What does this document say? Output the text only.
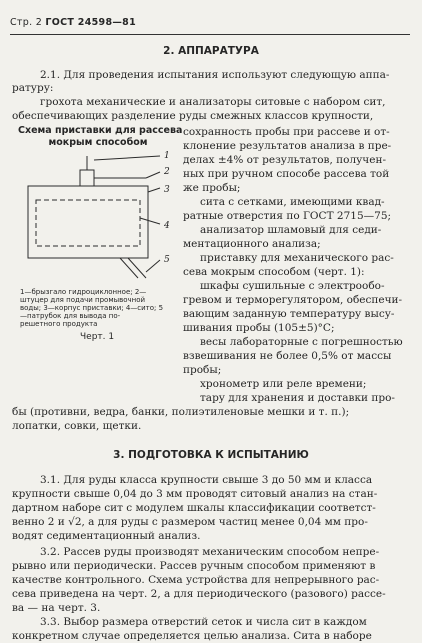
Стр. 2 ГОСТ 24598—81
2. АППАРАТУРА
2.1. Для проведения испытания используют следующую аппа-
ратуру:
грохота механические и анализаторы ситовые с набором сит,
обеспечивающих разделение руды смежных классов крупности,
Схема приставки для рассева
мокрым способом
1
2
3
4
5
1—брызгало гидроциклонное; 2—
штуцер для подачи промывочной
воды; 3—корпус приставки; 4—сито; 5—патрубок для вывода по-
решетного продукта
Черт. 1
сохранность пробы при рассеве и от-
клонение результатов анализа в пре-
делах ±4% от результатов, получен-
ных при ручном способе рассева той
же пробы;
сита с сетками, имеющими квад-
ратные отверстия по ГОСТ 2715—75;
анализатор шламовый для седи-
ментационного анализа;
приставку для механического рас-
сева мокрым способом (черт. 1):
шкафы сушильные с электрообо-
гревом и терморегулятором, обеспечи-
вающим заданную температуру высу-
шивания пробы (105±5)°С;
весы лабораторные с погрешностью
взвешивания не более 0,5% от массы
пробы;
хронометр или реле времени;
тару для хранения и доставки про-
бы (противни, ведра, банки, полиэтиленовые мешки и т. п.);
лопатки, совки, щетки.
3. ПОДГОТОВКА К ИСПЫТАНИЮ
3.1. Для руды класса крупности свыше 3 до 50 мм и класса
крупности свыше 0,04 до 3 мм проводят ситовый анализ на стан-
дартном наборе сит с модулем шкалы классификации соответст-
венно 2 и √2, а для руды с размером частиц менее 0,04 мм про-
водят седиментационный анализ.
3.2. Рассев руды производят механическим способом непре-
рывно или периодически. Рассев ручным способом применяют в
качестве контрольного. Схема устройства для непрерывного рас-
сева приведена на черт. 2, а для периодического (разового) рассе-
ва — на черт. 3.
3.3. Выбор размера отверстий сеток и числа сит в каждом
конкретном случае определяется целью анализа. Сита в наборе
